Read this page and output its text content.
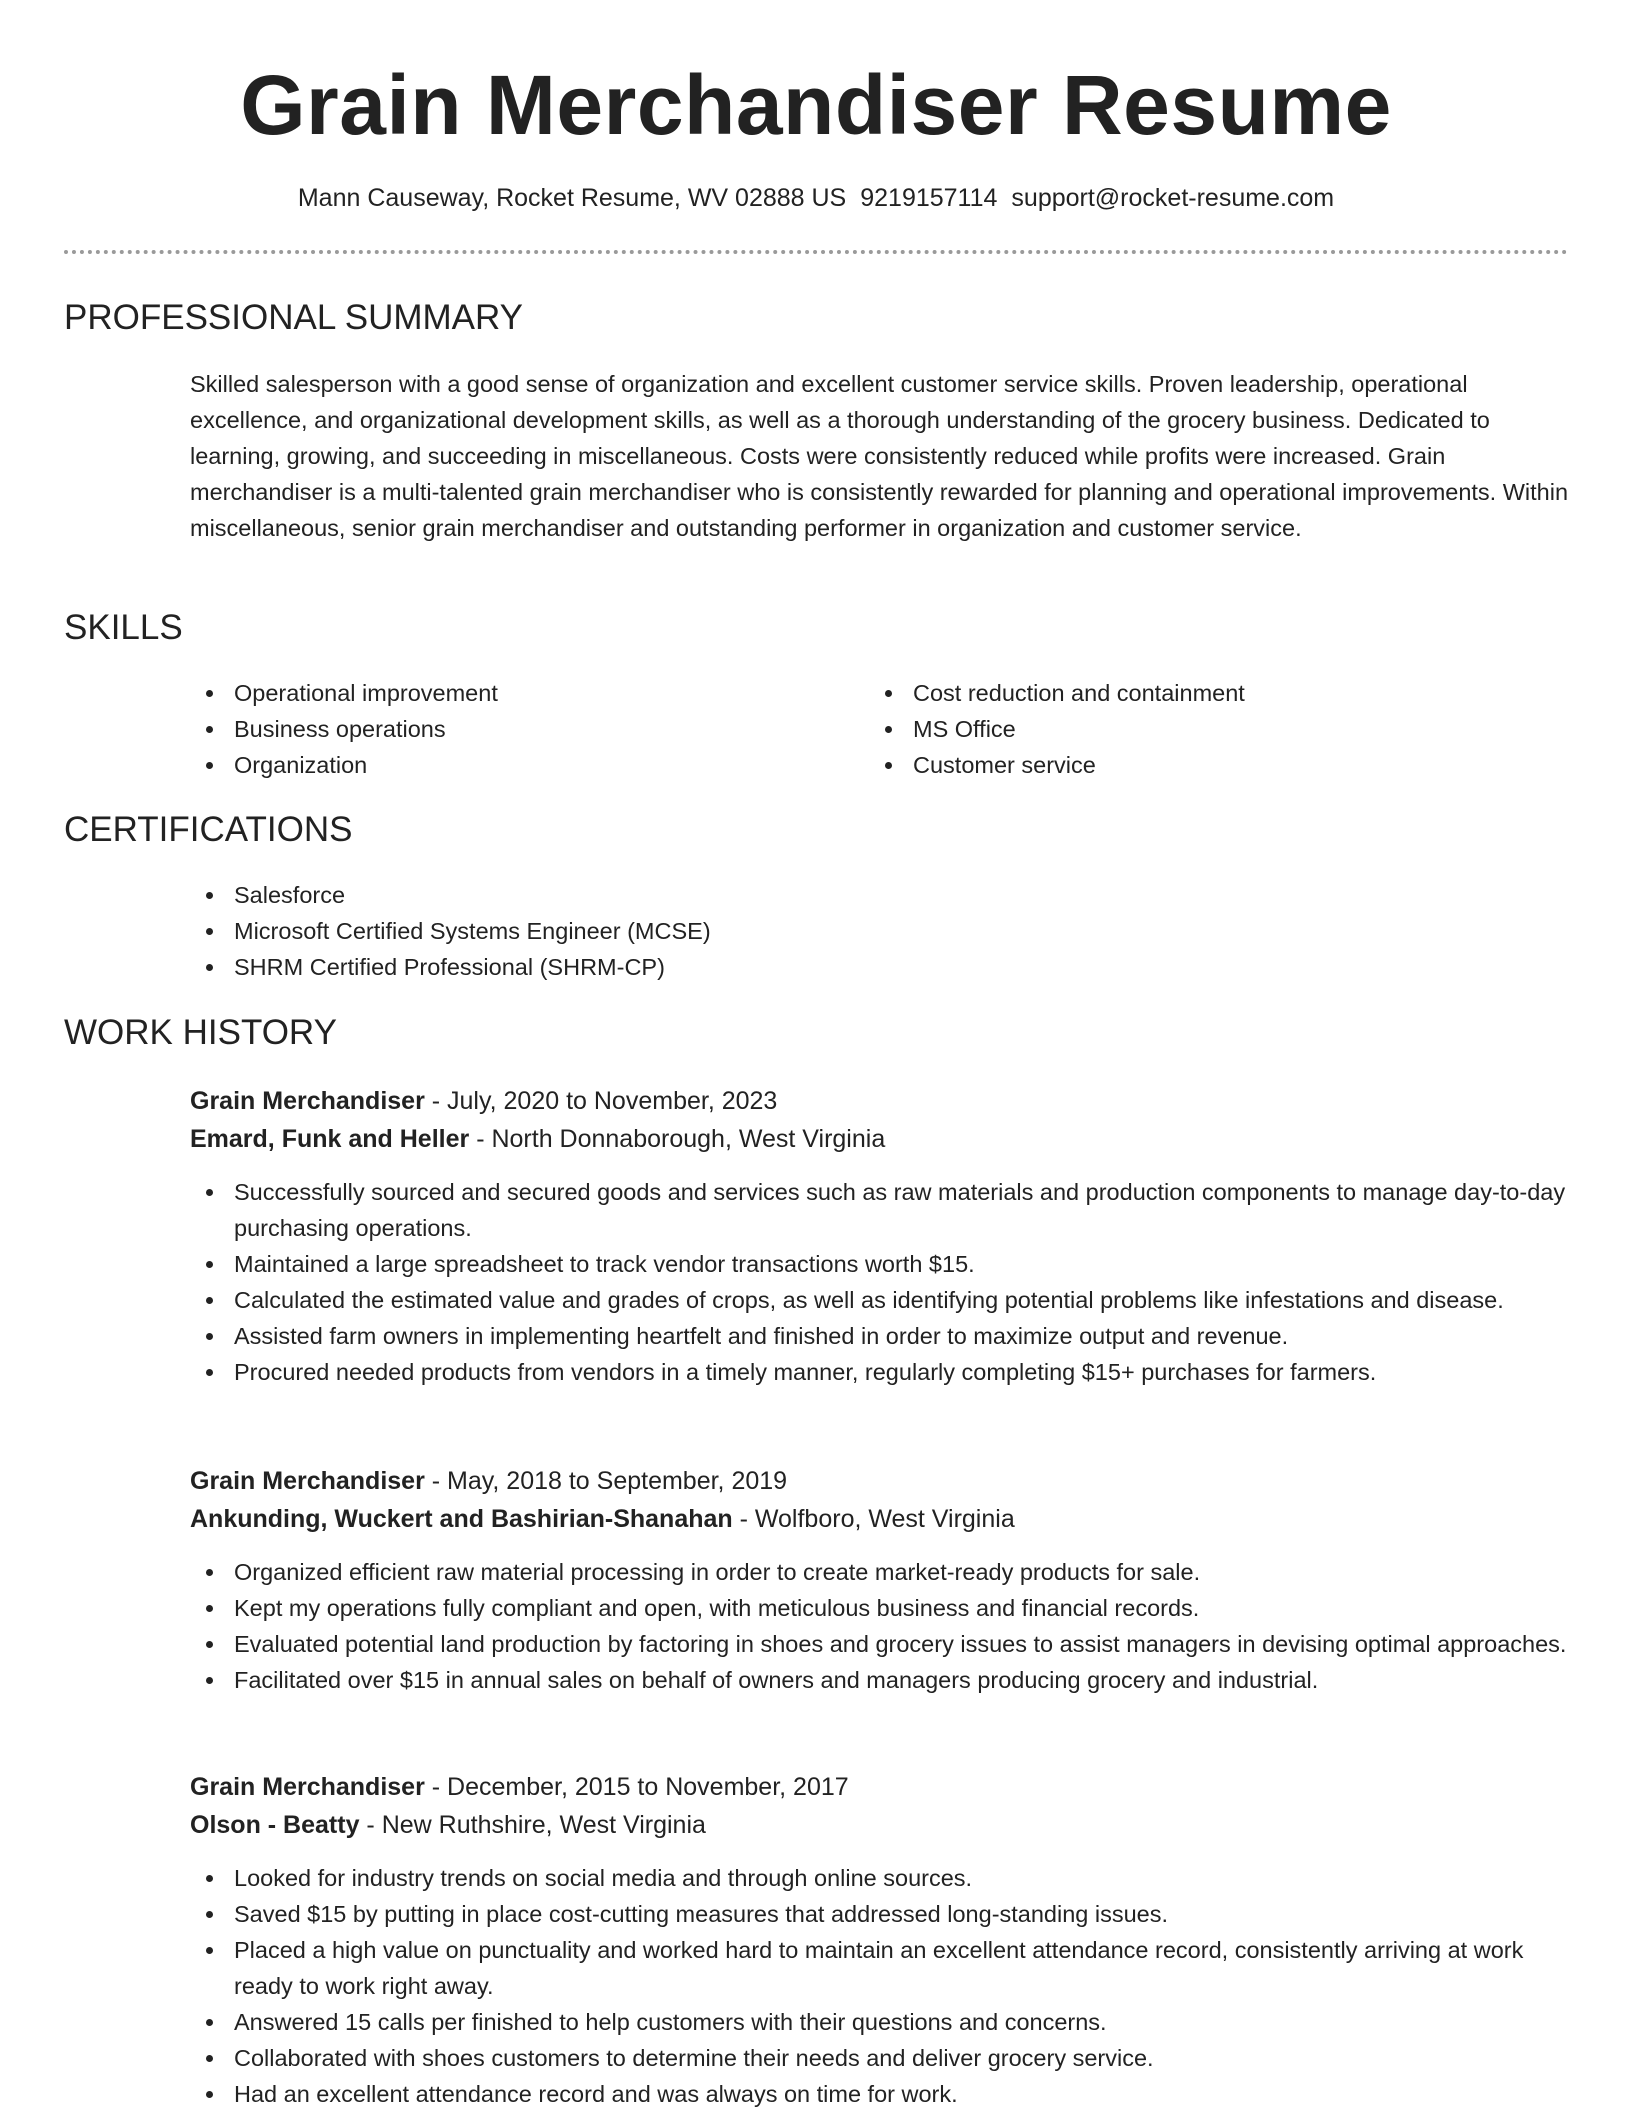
Grain Merchandiser Resume
Mann Causeway, Rocket Resume, WV 02888 US 9219157114 support@rocket-resume.com
PROFESSIONAL SUMMARY

Skilled salesperson with a good sense of organization and excellent customer service skills. Proven leadership, operational excellence, and organizational development skills, as well as a thorough understanding of the grocery business. Dedicated to learning, growing, and succeeding in miscellaneous. Costs were consistently reduced while profits were increased. Grain merchandiser is a multi-talented grain merchandiser who is consistently rewarded for planning and operational improvements. Within miscellaneous, senior grain merchandiser and outstanding performer in organization and customer service.

SKILLS
Operational improvement
Business operations
Organization
Cost reduction and containment
MS Office
Customer service
CERTIFICATIONS
Salesforce
Microsoft Certified Systems Engineer (MCSE)
SHRM Certified Professional (SHRM-CP)
WORK HISTORY
Grain Merchandiser - July, 2020 to November, 2023
Emard, Funk and Heller - North Donnaborough, West Virginia
Successfully sourced and secured goods and services such as raw materials and production components to manage day-to-day purchasing operations.
Maintained a large spreadsheet to track vendor transactions worth $15.
Calculated the estimated value and grades of crops, as well as identifying potential problems like infestations and disease.
Assisted farm owners in implementing heartfelt and finished in order to maximize output and revenue.
Procured needed products from vendors in a timely manner, regularly completing $15+ purchases for farmers.
Grain Merchandiser - May, 2018 to September, 2019
Ankunding, Wuckert and Bashirian-Shanahan - Wolfboro, West Virginia
Organized efficient raw material processing in order to create market-ready products for sale.
Kept my operations fully compliant and open, with meticulous business and financial records.
Evaluated potential land production by factoring in shoes and grocery issues to assist managers in devising optimal approaches.
Facilitated over $15 in annual sales on behalf of owners and managers producing grocery and industrial.
Grain Merchandiser - December, 2015 to November, 2017
Olson - Beatty - New Ruthshire, West Virginia
Looked for industry trends on social media and through online sources.
Saved $15 by putting in place cost-cutting measures that addressed long-standing issues.
Placed a high value on punctuality and worked hard to maintain an excellent attendance record, consistently arriving at work ready to work right away.
Answered 15 calls per finished to help customers with their questions and concerns.
Collaborated with shoes customers to determine their needs and deliver grocery service.
Had an excellent attendance record and was always on time for work.
